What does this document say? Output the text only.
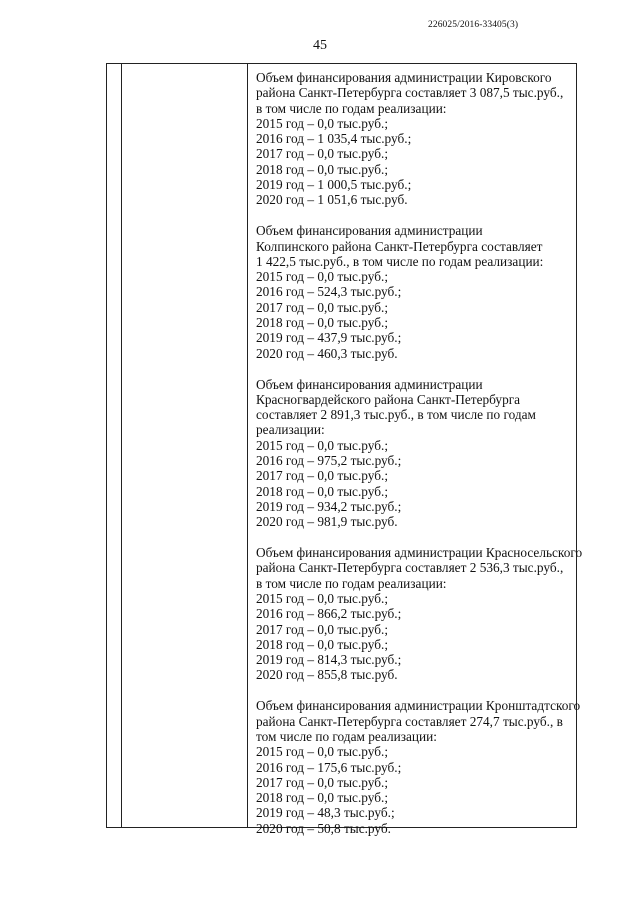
226025/2016-33405(3)
45
Объем финансирования администрации Кировского
района Санкт-Петербурга составляет 3 087,5 тыс.руб.,
в том числе по годам реализации:
2015 год – 0,0 тыс.руб.;
2016 год – 1 035,4 тыс.руб.;
2017 год – 0,0 тыс.руб.;
2018 год – 0,0 тыс.руб.;
2019 год – 1 000,5 тыс.руб.;
2020 год – 1 051,6 тыс.руб.
Объем финансирования администрации
Колпинского района Санкт-Петербурга составляет
1 422,5 тыс.руб., в том числе по годам реализации:
2015 год – 0,0 тыс.руб.;
2016 год – 524,3 тыс.руб.;
2017 год – 0,0 тыс.руб.;
2018 год – 0,0 тыс.руб.;
2019 год – 437,9 тыс.руб.;
2020 год – 460,3 тыс.руб.
Объем финансирования администрации
Красногвардейского района Санкт-Петербурга
составляет 2 891,3 тыс.руб., в том числе по годам
реализации:
2015 год – 0,0 тыс.руб.;
2016 год – 975,2 тыс.руб.;
2017 год – 0,0 тыс.руб.;
2018 год – 0,0 тыс.руб.;
2019 год – 934,2 тыс.руб.;
2020 год – 981,9 тыс.руб.
Объем финансирования администрации Красносельского
района Санкт-Петербурга составляет 2 536,3 тыс.руб.,
в том числе по годам реализации:
2015 год – 0,0 тыс.руб.;
2016 год – 866,2 тыс.руб.;
2017 год – 0,0 тыс.руб.;
2018 год – 0,0 тыс.руб.;
2019 год – 814,3 тыс.руб.;
2020 год – 855,8 тыс.руб.
Объем финансирования администрации Кронштадтского
района Санкт-Петербурга составляет 274,7 тыс.руб., в
том числе по годам реализации:
2015 год – 0,0 тыс.руб.;
2016 год – 175,6 тыс.руб.;
2017 год – 0,0 тыс.руб.;
2018 год – 0,0 тыс.руб.;
2019 год – 48,3 тыс.руб.;
2020 год – 50,8 тыс.руб.
